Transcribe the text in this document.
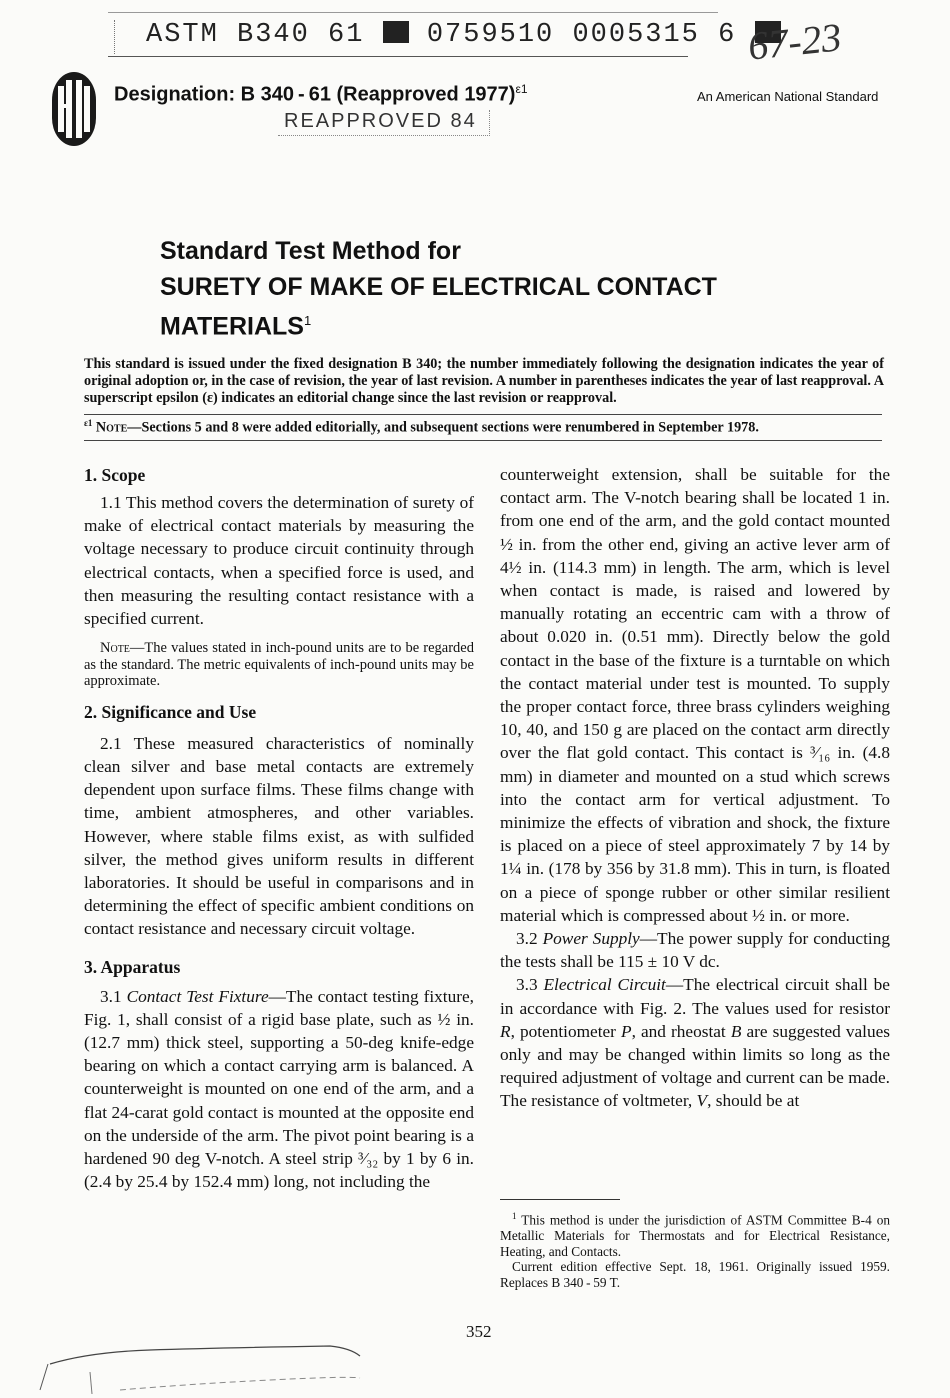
ASTM B340 61 0759510 0005315 6 67-23
Designation: B 340 - 61 (Reapproved 1977)$^{\varepsilon 1}$	An American National Standard
REAPPROVED 84
Standard Test Method for
SURETY OF MAKE OF ELECTRICAL CONTACT MATERIALS$^1$
This standard is issued under the fixed designation B 340; the number immediately following the designation indicates the year of original adoption or, in the case of revision, the year of last revision. A number in parentheses indicates the year of last reapproval. A superscript epsilon (ε) indicates an editorial change since the last revision or reapproval.
$^{\varepsilon 1}$ Note—Sections 5 and 8 were added editorially, and subsequent sections were renumbered in September 1978.
1. Scope

1.1 This method covers the determination of surety of make of electrical contact materials by measuring the voltage necessary to produce circuit continuity through electrical contacts, when a specified force is used, and then measuring the resulting contact resistance with a specified current.

Note—The values stated in inch-pound units are to be regarded as the standard. The metric equivalents of inch-pound units may be approximate.

2. Significance and Use

2.1 These measured characteristics of nominally clean silver and base metal contacts are extremely dependent upon surface films. These films change with time, ambient atmospheres, and other variables. However, where stable films exist, as with sulfided silver, the method gives uniform results in different laboratories. It should be useful in comparisons and in determining the effect of specific ambient conditions on contact resistance and necessary circuit voltage.

3. Apparatus

3.1 Contact Test Fixture—The contact testing fixture, Fig. 1, shall consist of a rigid base plate, such as ½ in. (12.7 mm) thick steel, supporting a 50-deg knife-edge bearing on which a contact carrying arm is balanced. A counterweight is mounted on one end of the arm, and a flat 24-carat gold contact is mounted at the opposite end on the underside of the arm. The pivot point bearing is a hardened 90 deg V-notch. A steel strip ³⁄₃₂ by 1 by 6 in. (2.4 by 25.4 by 152.4 mm) long, not including the

counterweight extension, shall be suitable for the contact arm. The V-notch bearing shall be located 1 in. from one end of the arm, and the gold contact mounted ½ in. from the other end, giving an active lever arm of 4½ in. (114.3 mm) in length. The arm, which is level when contact is made, is raised and lowered by manually rotating an eccentric cam with a throw of about 0.020 in. (0.51 mm). Directly below the gold contact in the base of the fixture is a turntable on which the contact material under test is mounted. To supply the proper contact force, three brass cylinders weighing 10, 40, and 150 g are placed on the contact arm directly over the flat gold contact. This contact is ³⁄₁₆ in. (4.8 mm) in diameter and mounted on a stud which screws into the contact arm for vertical adjustment. To minimize the effects of vibration and shock, the fixture is placed on a piece of steel approximately 7 by 14 by 1¼ in. (178 by 356 by 31.8 mm). This in turn, is floated on a piece of sponge rubber or other similar resilient material which is compressed about ½ in. or more.

3.2 Power Supply—The power supply for conducting the tests shall be 115 ± 10 V dc.

3.3 Electrical Circuit—The electrical circuit shall be in accordance with Fig. 2. The values used for resistor R, potentiometer P, and rheostat B are suggested values only and may be changed within limits so long as the required adjustment of voltage and current can be made. The resistance of voltmeter, V, should be at

$^1$ This method is under the jurisdiction of ASTM Committee B-4 on Metallic Materials for Thermostats and for Electrical Resistance, Heating, and Contacts.

Current edition effective Sept. 18, 1961. Originally issued 1959. Replaces B 340 - 59 T.

352
